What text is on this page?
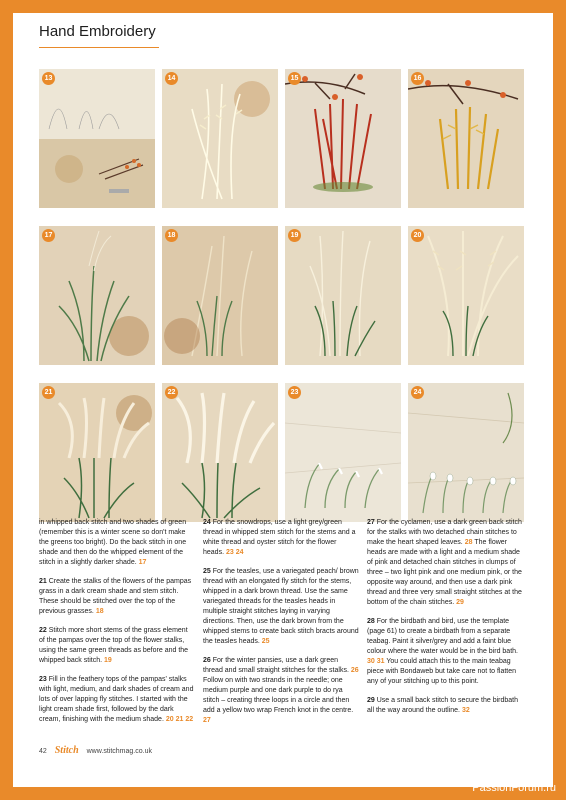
Hand Embroidery
13	14	15	16
17	18	19	20
21	22	23	24

in whipped back stitch and two shades of green (remember this is a winter scene so don't make the greens too bright). Do the back stitch in one shade and then do the whipped element of the stitch in a slightly darker shade. 17

21 Create the stalks of the flowers of the pampas grass in a dark cream shade and stem stitch. These should be stitched over the top of the previous grasses. 18

22 Stitch more short stems of the grass element of the pampas over the top of the flower stalks, using the same green threads as before and the whipped back stitch. 19

23 Fill in the feathery tops of the pampas' stalks with light, medium, and dark shades of cream and lots of over lapping fly stitches. I started with the light cream shade first, followed by the dark cream, finishing with the medium shade. 20 21 22

24 For the snowdrops, use a light grey/green thread in whipped stem stitch for the stems and a white thread and oyster stitch for the flower heads. 23 24

25 For the teasles, use a variegated peach/ brown thread with an elongated fly stitch for the stems, whipped in a dark brown thread. Use the same variegated threads for the teasles heads in multiple straight stitches laying in varying directions. Then, use the dark brown from the whipped stems to create back stitch bracts around the teasles heads. 25

26 For the winter pansies, use a dark green thread and small straight stitches for the stalks. 26 Follow on with two strands in the needle; one medium purple and one dark purple to do rya stitch – creating three loops in a circle and then add a yellow two wrap French knot in the centre. 27

27 For the cyclamen, use a dark green back stitch for the stalks with two detached chain stitches to make the heart shaped leaves. 28 The flower heads are made with a light and a medium shade of pink and detached chain stitches in clumps of three – two light pink and one medium pink, or the opposite way around, and then use a dark pink thread and three very small straight stitches at the bottom of the chain stitches. 29

28 For the birdbath and bird, use the template (page 61) to create a birdbath from a separate teabag. Paint it silver/grey and add a faint blue colour where the water would be in the bird bath. 30 31 You could attach this to the main teabag piece with Bondaweb but take care not to flatten any of your stitching up to this point.

29 Use a small back stitch to secure the birdbath all the way around the outline. 32

42 Stitch www.stitchmag.co.uk
PassionForum.ru
